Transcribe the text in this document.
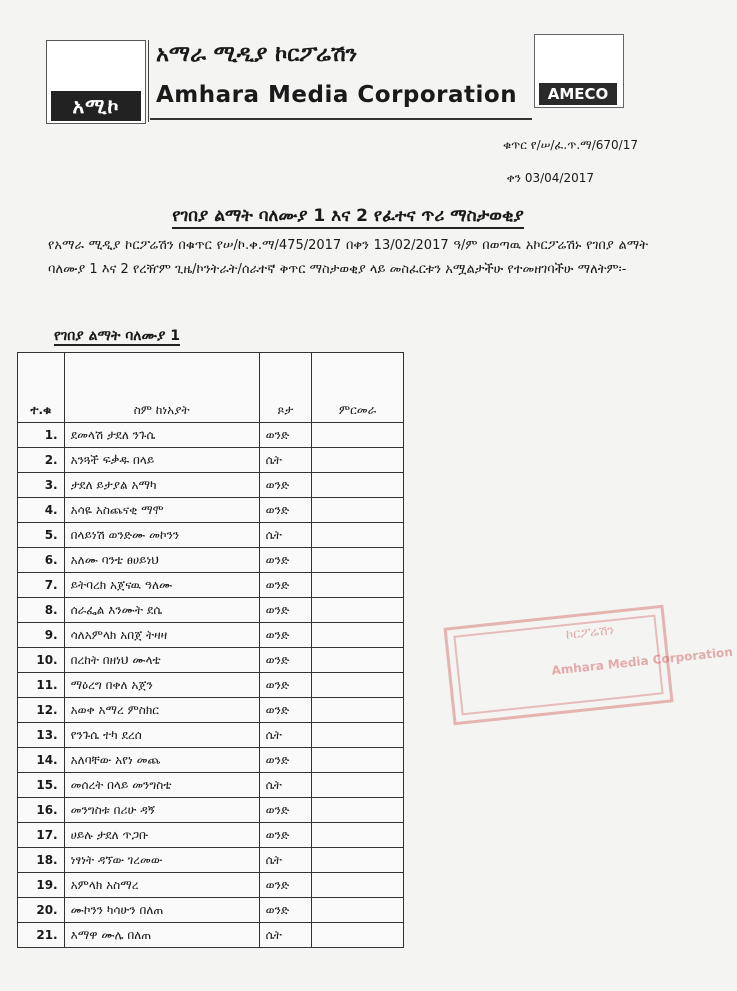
አሚኮ
አማራ ሚዲያ ኮርፖሬሽን
Amhara Media Corporation	AMECO
ቁጥር የ/ሠ/ፈ.ጥ.ማ/670/17
ቀን 03/04/2017
የገበያ ልማት ባለሙያ 1 እና 2 የፈተና ጥሪ ማስታወቂያ
የአማራ ሚዲያ ኮርፖሬሽን በቁጥር የሠ/ኮ.ቀ.ማ/475/2017 በቀን 13/02/2017 ዓ/ም በወጣዉ አኮርፖሬሽኑ የገበያ ልማት ባለሙያ 1 እና 2 የረዥም ጊዜ/ኮንትራት/ሰራተኛ ቅጥር ማስታወቂያ ላይ መስፈርቱን አሟልታችሁ የተመዘገባችሁ ማለትም፡-
የገበያ ልማት ባለሙያ 1
ተ.ቁ	ስም ከነአያት	ጾታ	ምርመራ
1.	ደመላሽ ታደለ ንጉሴ	ወንድ	
2.	አንጓች ፍቃዱ በላይ	ሴት	
3.	ታደለ ይታያል አማካ	ወንድ	
4.	አሳዬ አስጨናቂ ማሞ	ወንድ	
5.	በላይነሽ ወንድሙ መኮንን	ሴት	
6.	አለሙ ባንቴ ፀሀይነህ	ወንድ	
7.	ይትባረክ አጀናዉ ዓለሙ	ወንድ	
8.	ሰራፌል እንሙት ደሴ	ወንድ	
9.	ሳለአምላክ አበጀ ትዛዛ	ወንድ	
10.	በረከት በዘነህ ሙላቴ	ወንድ	
11.	ማዕረግ በቀለ አጀን	ወንድ	
12.	አወቀ አማረ ምስክር	ወንድ	
13.	የንጉሴ ተካ ደረሰ	ሴት	
14.	አለባቸው አየነ መጨ	ወንድ	
15.	መሰረት በላይ መንግስቴ	ሴት	
16.	መንግስቱ በሪሁ ዳኝ	ወንድ	
17.	ሀይሉ ታደለ ጥጋቡ	ወንድ	
18.	ነፃነት ዳኘው ገረመው	ሴት	
19.	አምላክ አስማረ	ወንድ	
20.	ሙኮንን ካሳሁን በለጠ	ወንድ	
21.	እማዋ ሙሌ በለጠ	ሴት	
ኮርፖሬሽን
Amhara Media Corporation
